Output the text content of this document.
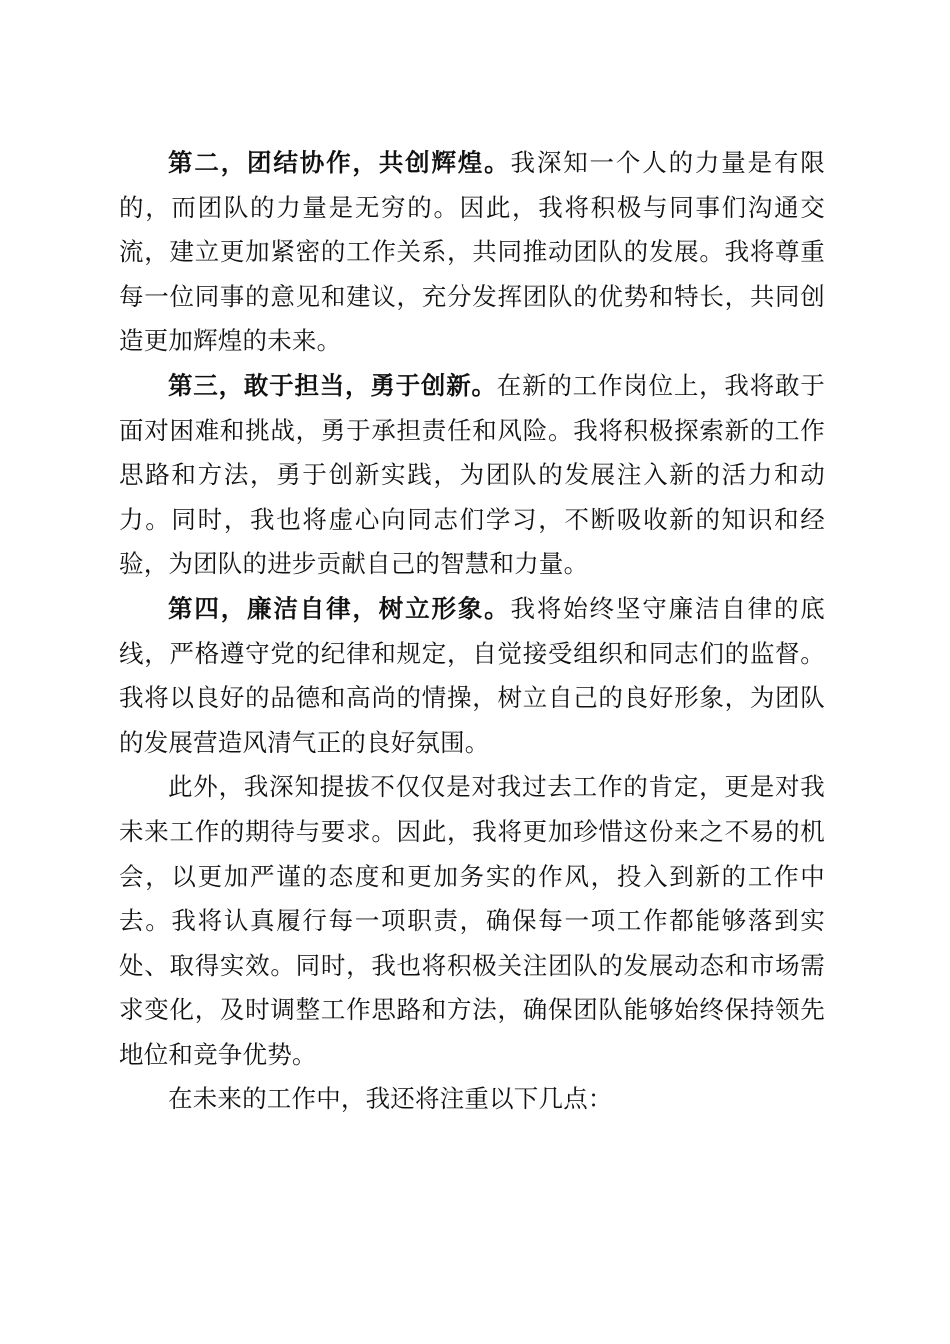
第二，团结协作，共创辉煌。我深知一个人的力量是有限的，而团队的力量是无穷的。因此，我将积极与同事们沟通交流，建立更加紧密的工作关系，共同推动团队的发展。我将尊重每一位同事的意见和建议，充分发挥团队的优势和特长，共同创造更加辉煌的未来。

第三，敢于担当，勇于创新。在新的工作岗位上，我将敢于面对困难和挑战，勇于承担责任和风险。我将积极探索新的工作思路和方法，勇于创新实践，为团队的发展注入新的活力和动力。同时，我也将虚心向同志们学习，不断吸收新的知识和经验，为团队的进步贡献自己的智慧和力量。

第四，廉洁自律，树立形象。我将始终坚守廉洁自律的底线，严格遵守党的纪律和规定，自觉接受组织和同志们的监督。我将以良好的品德和高尚的情操，树立自己的良好形象，为团队的发展营造风清气正的良好氛围。

此外，我深知提拔不仅仅是对我过去工作的肯定，更是对我未来工作的期待与要求。因此，我将更加珍惜这份来之不易的机会，以更加严谨的态度和更加务实的作风，投入到新的工作中去。我将认真履行每一项职责，确保每一项工作都能够落到实处、取得实效。同时，我也将积极关注团队的发展动态和市场需求变化，及时调整工作思路和方法，确保团队能够始终保持领先地位和竞争优势。

在未来的工作中，我还将注重以下几点：
